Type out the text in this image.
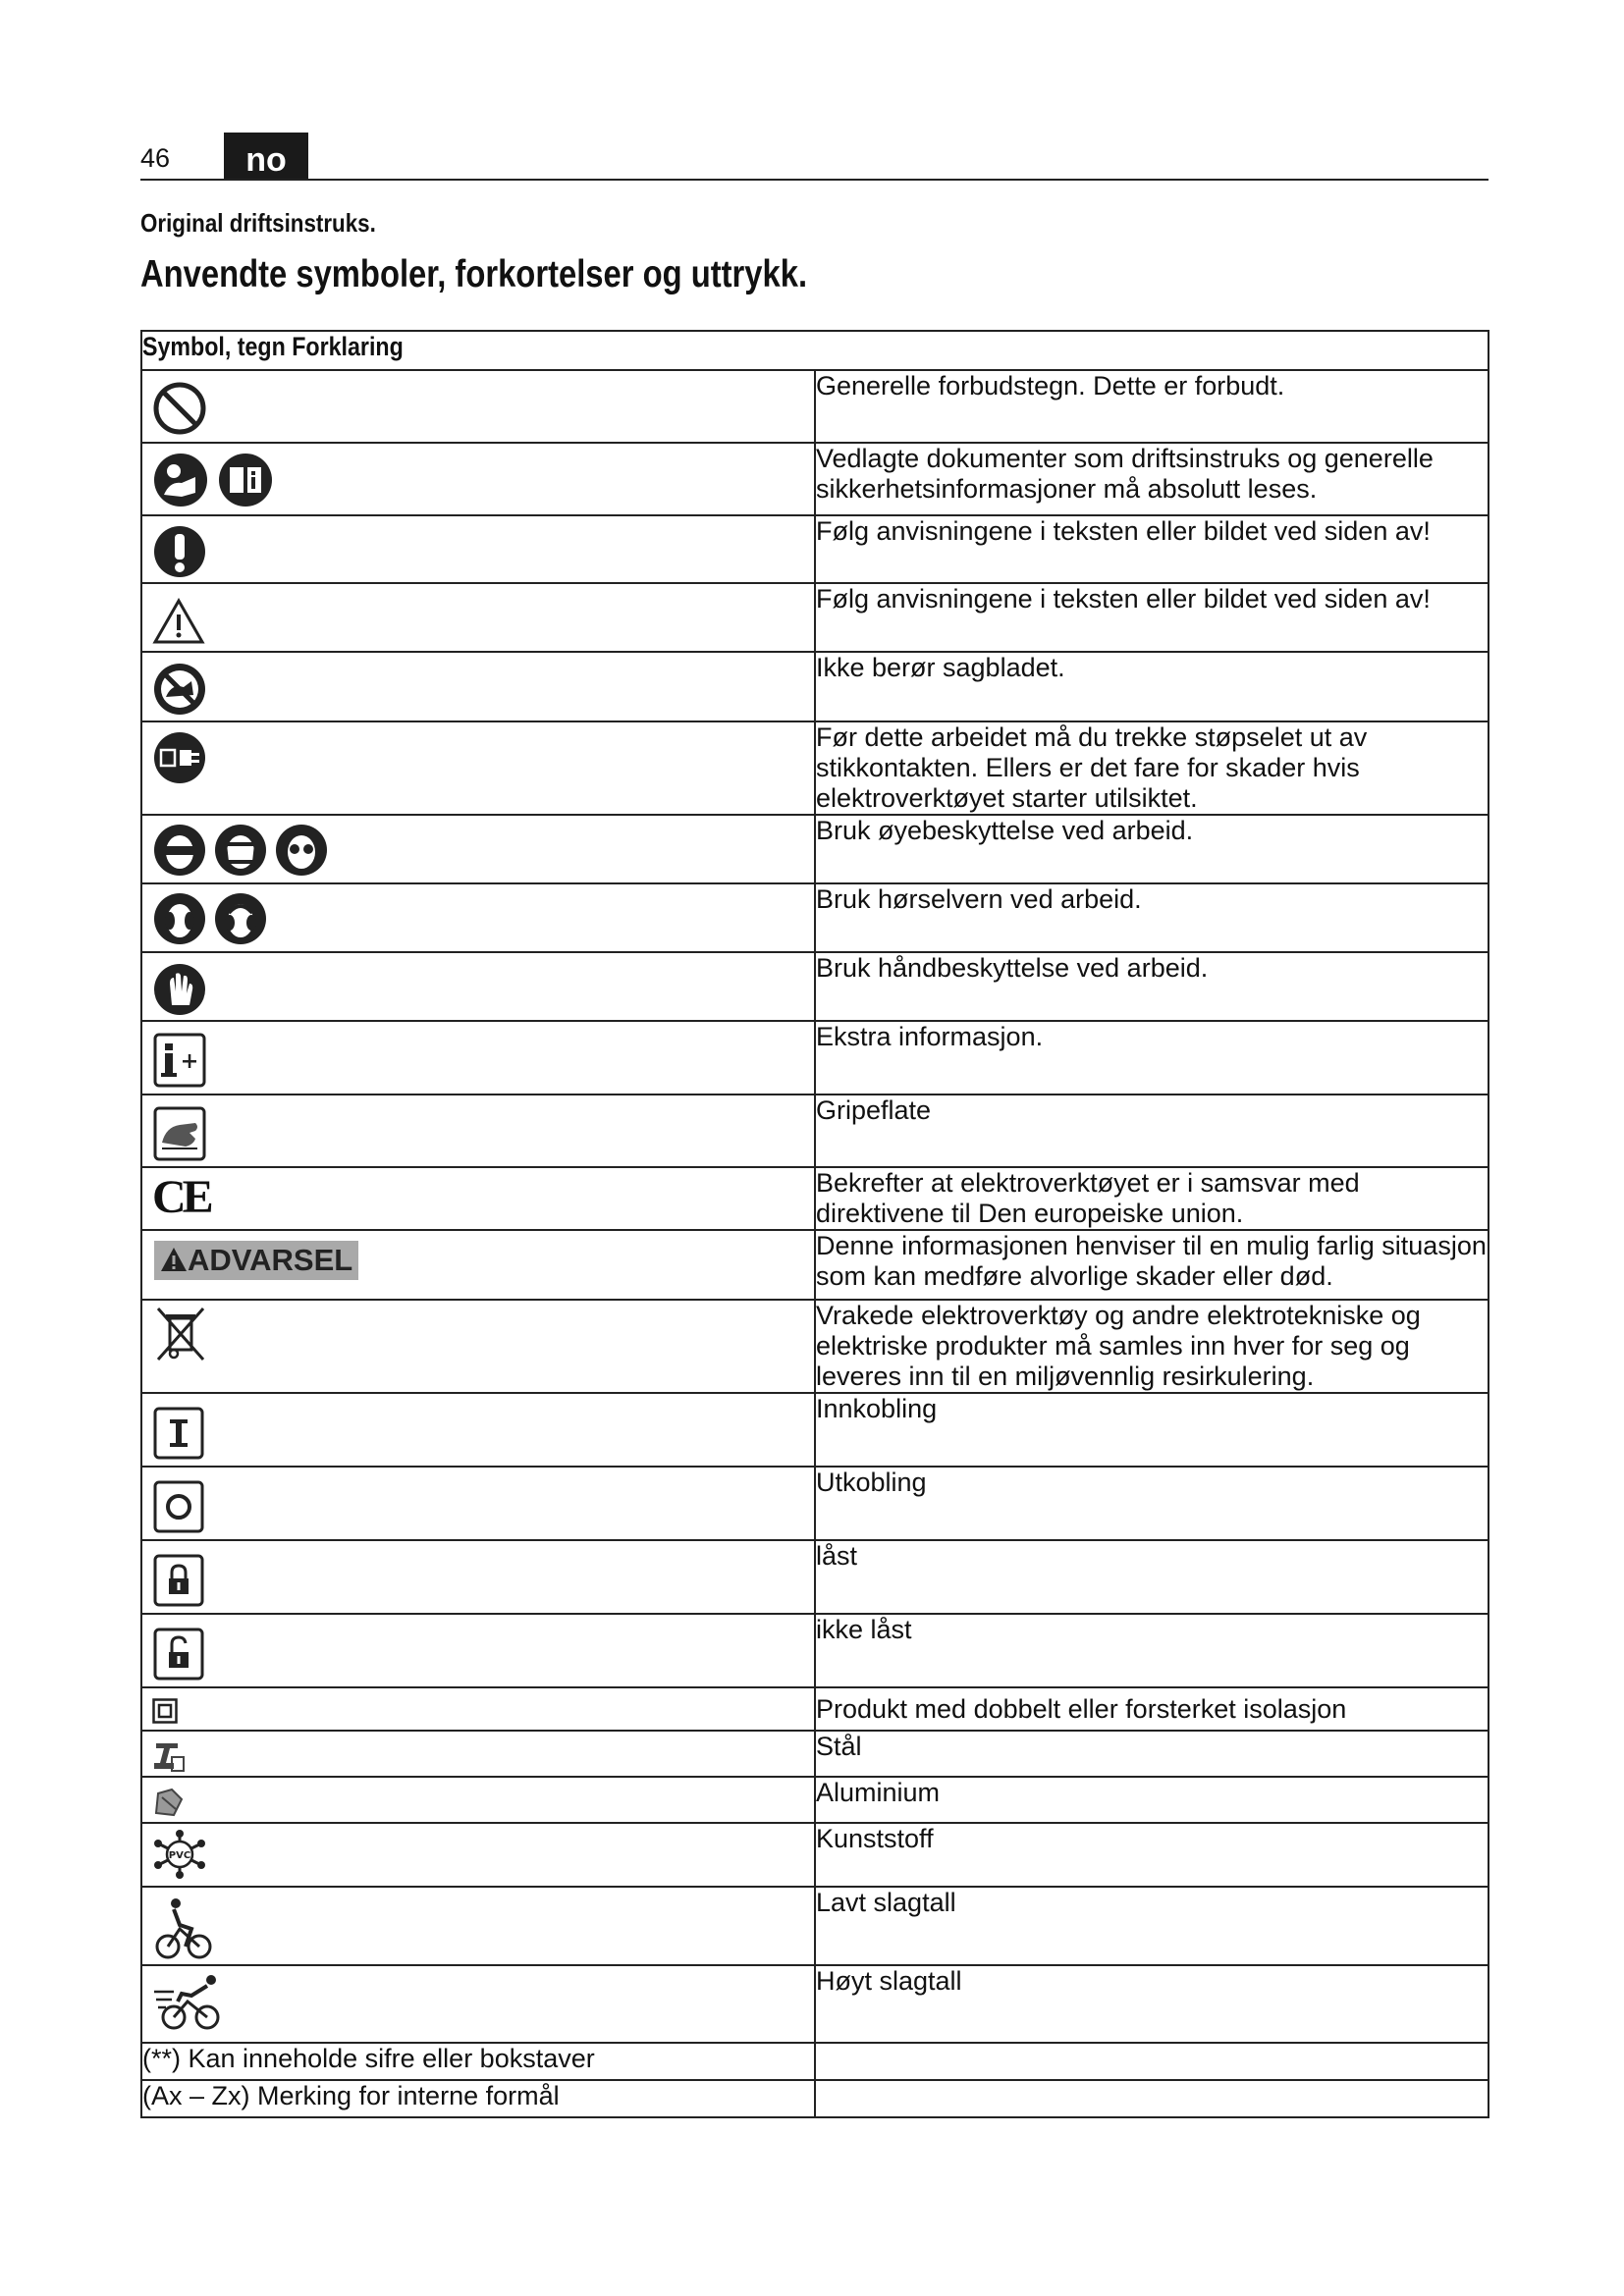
46	no
Original driftsinstruks.
Anvendte symboler, forkortelser og uttrykk.
Symbol, tegn Forklaring	

	Generelle forbudstegn. Dette er forbudt.

	Vedlagte dokumenter som driftsinstruks og generelle sikkerhetsinformasjoner må absolutt leses.

	Følg anvisningene i teksten eller bildet ved siden av!

	Følg anvisningene i teksten eller bildet ved siden av!

	Ikke berør sagbladet.

	Før dette arbeidet må du trekke støpselet ut av stikkontakten. Ellers er det fare for skader hvis elektroverktøyet starter utilsiktet.

	Bruk øyebeskyttelse ved arbeid.

	Bruk hørselvern ved arbeid.

	Bruk håndbeskyttelse ved arbeid.

	Ekstra informasjon.

	Gripeflate

CE	Bekrefter at elektroverktøyet er i samsvar med direktivene til Den europeiske union.

ADVARSEL	Denne informasjonen henviser til en mulig farlig situasjon som kan medføre alvorlige skader eller død.

	Vrakede elektroverktøy og andre elektrotekniske og elektriske produkter må samles inn hver for seg og leveres inn til en miljøvennlig resirkulering.

	Innkobling

	Utkobling

	låst

	ikke låst

	Produkt med dobbelt eller forsterket isolasjon

	Stål

	Aluminium

PVC	Kunststoff

	Lavt slagtall

	Høyt slagtall
(**) Kan inneholde sifre eller bokstaver	
(Ax – Zx) Merking for interne formål	
